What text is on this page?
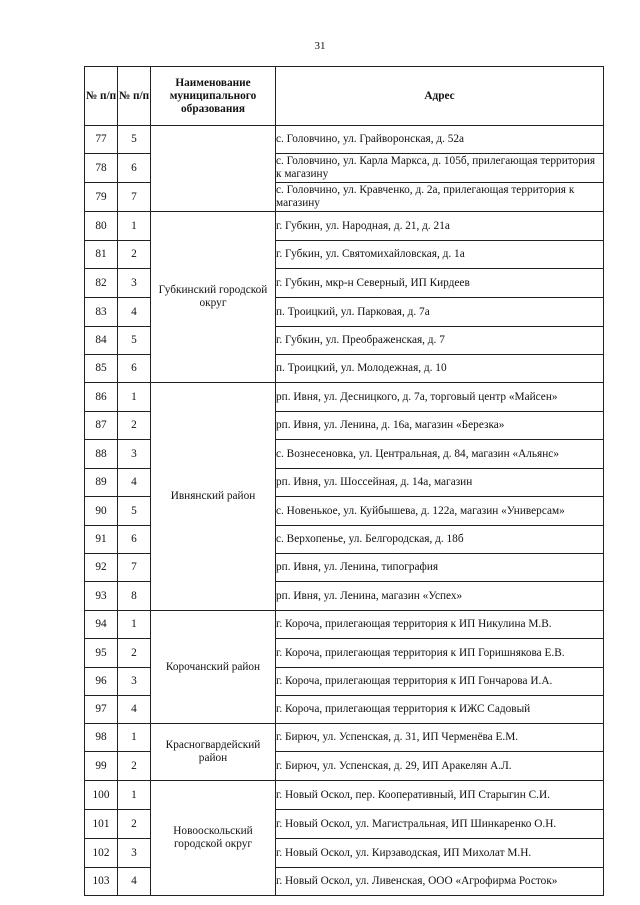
31
№ п/п	№ п/п	Наименование муниципального образования	Адрес
77	5		с. Головчино, ул. Грайворонская, д. 52а
78	6		с. Головчино, ул. Карла Маркса, д. 105б, прилегающая территория к магазину
79	7		с. Головчино, ул. Кравченко, д. 2а, прилегающая территория к магазину
80	1	Губкинский городской округ	г. Губкин, ул. Народная, д. 21, д. 21а
81	2		г. Губкин, ул. Святомихайловская, д. 1а
82	3		г. Губкин, мкр-н Северный, ИП Кирдеев
83	4		п. Троицкий, ул. Парковая, д. 7а
84	5		г. Губкин, ул. Преображенская, д. 7
85	6		п. Троицкий, ул. Молодежная, д. 10
86	1	Ивнянский район	рп. Ивня, ул. Десницкого, д. 7а, торговый центр «Майсен»
87	2		рп. Ивня, ул. Ленина, д. 16а, магазин «Березка»
88	3		с. Вознесеновка, ул. Центральная, д. 84, магазин «Альянс»
89	4		рп. Ивня, ул. Шоссейная, д. 14а, магазин
90	5		с. Новенькое, ул. Куйбышева, д. 122а, магазин «Универсам»
91	6		с. Верхопенье, ул. Белгородская, д. 18б
92	7		рп. Ивня, ул. Ленина, типография
93	8		рп. Ивня, ул. Ленина, магазин «Успех»
94	1	Корочанский район	г. Короча, прилегающая территория к ИП Никулина М.В.
95	2		г. Короча, прилегающая территория к ИП Горишнякова Е.В.
96	3		г. Короча, прилегающая территория к ИП Гончарова И.А.
97	4		г. Короча, прилегающая территория к ИЖС Садовый
98	1	Красногвардейский район	г. Бирюч, ул. Успенская, д. 31, ИП Черменёва Е.М.
99	2		г. Бирюч, ул. Успенская, д. 29, ИП Аракелян А.Л.
100	1	Новооскольский городской округ	г. Новый Оскол, пер. Кооперативный, ИП Старыгин С.И.
101	2		г. Новый Оскол, ул. Магистральная, ИП Шинкаренко О.Н.
102	3		г. Новый Оскол, ул. Кирзаводская, ИП Михолат М.Н.
103	4		г. Новый Оскол, ул. Ливенская, ООО «Агрофирма Росток»
